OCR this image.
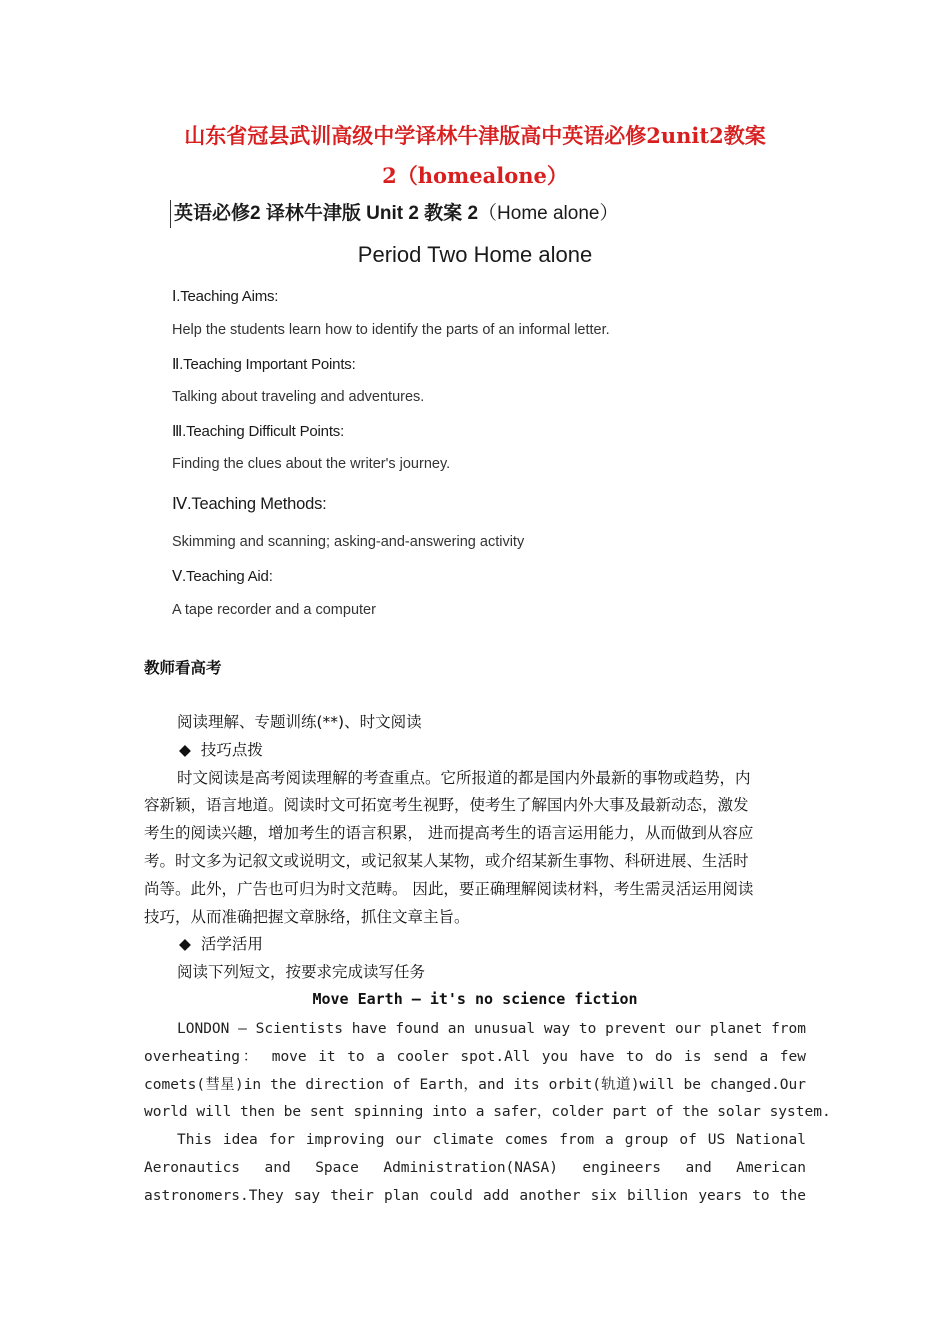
山东省冠县武训高级中学译林牛津版高中英语必修2unit2教案
2（homealone）
英语必修2 译林牛津版 Unit 2 教案 2（Home alone）
Period Two Home alone
Ⅰ.Teaching Aims:
Help the students learn how to identify the parts of an informal letter.
Ⅱ.Teaching Important Points:
Talking about traveling and adventures.
Ⅲ.Teaching Difficult Points:
Finding the clues about the writer's journey.
Ⅳ.Teaching Methods:
Skimming and scanning; asking-and-answering activity
Ⅴ.Teaching Aid:
A tape recorder and a computer
教师看高考
阅读理解、专题训练(**)、时文阅读
◆ 技巧点拨
时文阅读是高考阅读理解的考查重点。它所报道的都是国内外最新的事物或趋势，内
容新颖，语言地道。阅读时文可拓宽考生视野，使考生了解国内外大事及最新动态，激发
考生的阅读兴趣，增加考生的语言积累， 进而提高考生的语言运用能力，从而做到从容应
考。时文多为记叙文或说明文，或记叙某人某物，或介绍某新生事物、科研进展、生活时
尚等。此外，广告也可归为时文范畴。 因此，要正确理解阅读材料，考生需灵活运用阅读
技巧，从而准确把握文章脉络，抓住文章主旨。
◆ 活学活用
阅读下列短文，按要求完成读写任务
Move Earth — it's no science fiction
LONDON — Scientists have found an unusual way to prevent our planet from
overheating： move it to a cooler spot.All you have to do is send a few
comets(彗星)in the direction of Earth，and its orbit(轨道)will be changed.Our
world will then be sent spinning into a safer，colder part of the solar system.
This idea for improving our climate comes from a group of US National
Aeronautics and Space Administration(NASA) engineers and American
astronomers.They say their plan could add another six billion years to the
